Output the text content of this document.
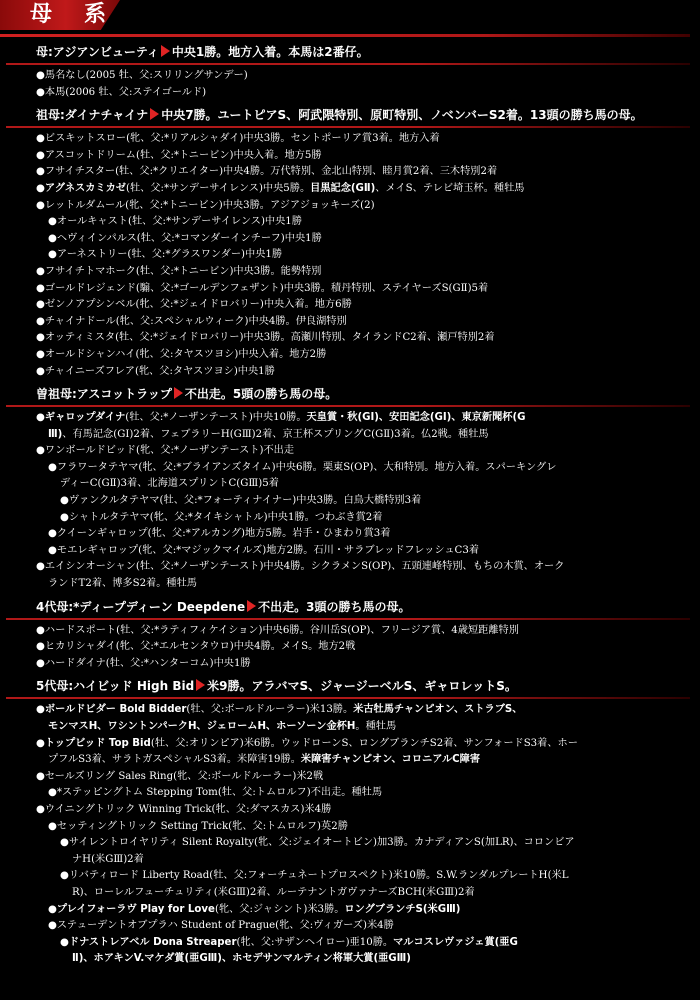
母　系
母:アジアンビューティ 中央1勝。地方入着。本馬は2番仔。
●馬名なし(2005 牡、父:スリリングサンデー)
●本馬(2006 牡、父:ステイゴールド)
祖母:ダイナチャイナ 中央7勝。ユートピアS、阿武隈特別、原町特別、ノベンバーS2着。13頭の勝ち馬の母。
●ビスキットスロー(牝、父:*リアルシャダイ)中央3勝。セントポーリア賞3着。地方入着
●アスコットドリーム(牡、父:*トニービン)中央入着。地方5勝
●フサイチスター(牡、父:*クリエイター)中央4勝。万代特別、金北山特別、睦月賞2着、三木特別2着
●アグネスカミカゼ(牡、父:*サンデーサイレンス)中央5勝。目黒記念(GⅡ)、メイS、テレビ埼玉杯。種牡馬
●レットルダムール(牝、父:*トニービン)中央3勝。アジアジョッキーズ(2)
●オールキャスト(牡、父:*サンデーサイレンス)中央1勝
●ヘヴィインパルス(牡、父:*コマンダーインチーフ)中央1勝
●アーネストリー(牡、父:*グラスワンダー)中央1勝
●フサイチトマホーク(牡、父:*トニービン)中央3勝。能勢特別
●ゴールドレジェンド(騸、父:*ゴールデンフェザント)中央3勝。積丹特別、ステイヤーズS(GⅡ)5着
●ゼンノアプシンベル(牝、父:*ジェイドロバリー)中央入着。地方6勝
●チャイナドール(牝、父:スペシャルウィーク)中央4勝。伊良湖特別
●オッティミスタ(牡、父:*ジェイドロバリー)中央3勝。高瀬川特別、タイランドC2着、瀬戸特別2着
●オールドシャンハイ(牝、父:タヤスツヨシ)中央入着。地方2勝
●チャイニーズフレア(牝、父:タヤスツヨシ)中央1勝
曽祖母:アスコットラップ 不出走。5頭の勝ち馬の母。
●ギャロップダイナ(牡、父:*ノーザンテースト)中央10勝。天皇賞・秋(GⅠ)、安田記念(GⅠ)、東京新聞杯(G
Ⅲ)、有馬記念(GⅠ)2着、フェブラリーH(GⅢ)2着、京王杯スプリングC(GⅡ)3着。仏2戦。種牡馬
●ワンボールドビッド(牝、父:*ノーザンテースト)不出走
●フラワータテヤマ(牝、父:*ブライアンズタイム)中央6勝。栗東S(OP)、大和特別。地方入着。スパーキングレ
ディーC(GⅡ)3着、北海道スプリントC(GⅢ)5着
●ヴァンクルタテヤマ(牡、父:*フォーティナイナー)中央3勝。白鳥大橋特別3着
●シャトルタテヤマ(牝、父:*タイキシャトル)中央1勝。つわぶき賞2着
●クイーンギャロップ(牝、父:*アルカング)地方5勝。岩手・ひまわり賞3着
●モエレギャロップ(牝、父:*マジックマイルズ)地方2勝。石川・サラブレッドフレッシュC3着
●エイシンオーシャン(牡、父:*ノーザンテースト)中央4勝。シクラメンS(OP)、五頭連峰特別、もちの木賞、オーク
ランドT2着、博多S2着。種牡馬
4代母:*ディープディーン Deepdene 不出走。3頭の勝ち馬の母。
●ハードスポート(牡、父:*ラティフィケイション)中央6勝。谷川岳S(OP)、フリージア賞、4歳短距離特別
●ヒカリシャダイ(牝、父:*エルセンタウロ)中央4勝。メイS。地方2戦
●ハードダイナ(牡、父:*ハンターコム)中央1勝
5代母:ハイビッド High Bid 米9勝。アラバマS、ジャージーベルS、ギャロレットS。
●ボールドビダー Bold Bidder(牡、父:ボールドルーラー)米13勝。米古牡馬チャンピオン、ストラブS、
モンマスH、ワシントンパークH、ジェロームH、ホーソーン金杯H。種牡馬
●トップビッド Top Bid(牡、父:オリンピア)米6勝。ウッドローンS、ロングブランチS2着、サンフォードS3着、ホー
プフルS3着、サラトガスペシャルS3着。米障害19勝。米障害チャンピオン、コロニアルC障害
●セールズリング Sales Ring(牝、父:ボールドルーラー)米2戦
●*ステッピングトム Stepping Tom(牡、父:トムロルフ)不出走。種牡馬
●ウイニングトリック Winning Trick(牝、父:ダマスカス)米4勝
●セッティングトリック Setting Trick(牝、父:トムロルフ)英2勝
●サイレントロイヤリティ Silent Royalty(牝、父:ジェイオートビン)加3勝。カナディアンS(加LR)、コロンビア
ナH(米GⅢ)2着
●リバティロード Liberty Road(牡、父:フォーチュネートプロスペクト)米10勝。S.W.ランダルプレートH(米L
R)、ローレルフューチュリティ(米GⅢ)2着、ルーテナントガヴァナーズBCH(米GⅢ)2着
●プレイフォーラヴ Play for Love(牝、父:ジャシント)米3勝。ロングブランチS(米GⅢ)
●ステューデントオブプラハ Student of Prague(牝、父:ヴィガーズ)米4勝
●ドナストレアベル Dona Streaper(牝、父:サザンヘイロー)亜10勝。マルコスレヴァジェ賞(亜G
Ⅱ)、ホアキンV.マケダ賞(亜GⅢ)、ホセデサンマルティン将軍大賞(亜GⅢ)
